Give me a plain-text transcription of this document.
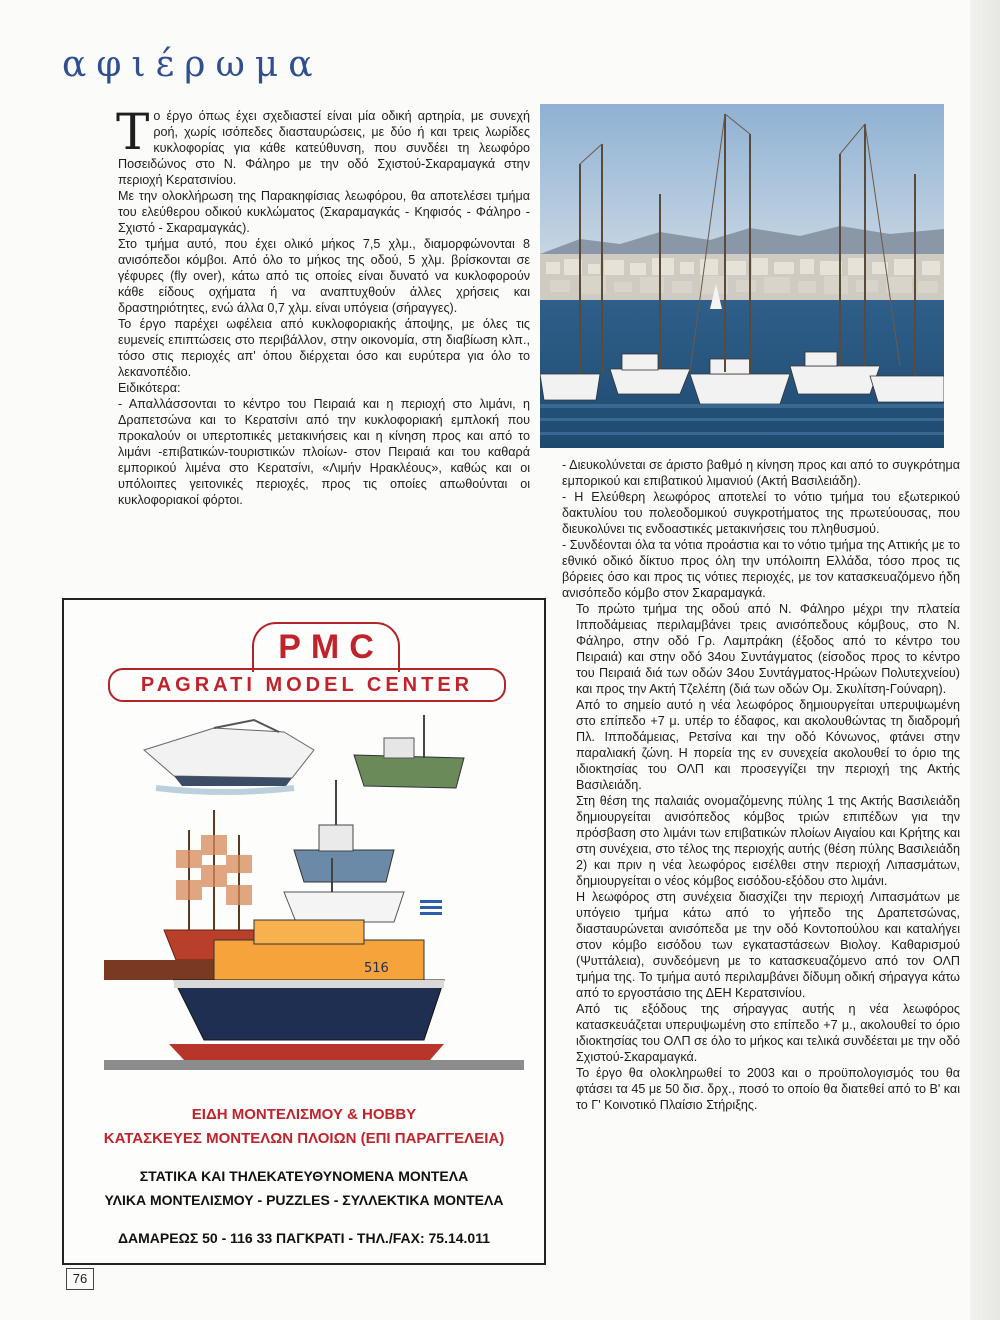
αφιέρωμα

Το έργο όπως έχει σχεδιαστεί είναι μία οδική αρτηρία, με συνεχή ροή, χωρίς ισόπεδες διασταυρώσεις, με δύο ή και τρεις λωρίδες κυκλοφορίας για κάθε κατεύθυνση, που συνδέει τη λεωφόρο Ποσειδώνος στο Ν. Φάληρο με την οδό Σχιστού-Σκαραμαγκά στην περιοχή Κερατσινίου.

Με την ολοκλήρωση της Παρακηφίσιας λεωφόρου, θα αποτελέσει τμήμα του ελεύθερου οδικού κυκλώματος (Σκαραμαγκάς - Κηφισός - Φάληρο - Σχιστό - Σκαραμαγκάς).

Στο τμήμα αυτό, που έχει ολικό μήκος 7,5 χλμ., διαμορφώνονται 8 ανισόπεδοι κόμβοι. Από όλο το μήκος της οδού, 5 χλμ. βρίσκονται σε γέφυρες (fly over), κάτω από τις οποίες είναι δυνατό να κυκλοφορούν κάθε είδους οχήματα ή να αναπτυχθούν άλλες χρήσεις και δραστηριότητες, ενώ άλλα 0,7 χλμ. είναι υπόγεια (σήραγγες).

Το έργο παρέχει ωφέλεια από κυκλοφοριακής άποψης, με όλες τις ευμενείς επιπτώσεις στο περιβάλλον, στην οικονομία, στη διαβίωση κλπ., τόσο στις περιοχές απ' όπου διέρχεται όσο και ευρύτερα για όλο το λεκανοπέδιο.

Ειδικότερα:

- Απαλλάσσονται το κέντρο του Πειραιά και η περιοχή στο λιμάνι, η Δραπετσώνα και το Κερατσίνι από την κυκλοφοριακή εμπλοκή που προκαλούν οι υπερτοπικές μετακινήσεις και η κίνηση προς και από το λιμάνι -επιβατικών-τουριστικών πλοίων- στον Πειραιά και του καθαρά εμπορικού λιμένα στο Κερατσίνι, «Λιμήν Ηρακλέους», καθώς και οι υπόλοιπες γειτονικές περιοχές, προς τις οποίες απωθούνται οι κυκλοφοριακοί φόρτοι.

- Διευκολύνεται σε άριστο βαθμό η κίνηση προς και από το συγκρότημα εμπορικού και επιβατικού λιμανιού (Ακτή Βασιλειάδη).

- Η Ελεύθερη λεωφόρος αποτελεί το νότιο τμήμα του εξωτερικού δακτυλίου του πολεοδομικού συγκροτήματος της πρωτεύουσας, που διευκολύνει τις ενδοαστικές μετακινήσεις του πληθυσμού.

- Συνδέονται όλα τα νότια προάστια και το νότιο τμήμα της Αττικής με το εθνικό οδικό δίκτυο προς όλη την υπόλοιπη Ελλάδα, τόσο προς τις βόρειες όσο και προς τις νότιες περιοχές, με τον κατασκευαζόμενο ήδη ανισόπεδο κόμβο στον Σκαραμαγκά.

Το πρώτο τμήμα της οδού από Ν. Φάληρο μέχρι την πλατεία Ιπποδάμειας περιλαμβάνει τρεις ανισόπεδους κόμβους, στο Ν. Φάληρο, στην οδό Γρ. Λαμπράκη (έξοδος από το κέντρο του Πειραιά) και στην οδό 34ου Συντάγματος (είσοδος προς το κέντρο του Πειραιά διά των οδών 34ου Συντάγματος-Ηρώων Πολυτεχνείου) και προς την Ακτή Τζελέπη (διά των οδών Ομ. Σκυλίτση-Γούναρη).

Από το σημείο αυτό η νέα λεωφόρος δημιουργείται υπερυψωμένη στο επίπεδο +7 μ. υπέρ το έδαφος, και ακολουθώντας τη διαδρομή Πλ. Ιπποδάμειας, Ρετσίνα και την οδό Κόνωνος, φτάνει στην παραλιακή ζώνη. Η πορεία της εν συνεχεία ακολουθεί το όριο της ιδιοκτησίας του ΟΛΠ και προσεγγίζει την περιοχή της Ακτής Βασιλειάδη.

Στη θέση της παλαιάς ονομαζόμενης πύλης 1 της Ακτής Βασιλειάδη δημιουργείται ανισόπεδος κόμβος τριών επιπέδων για την πρόσβαση στο λιμάνι των επιβατικών πλοίων Αιγαίου και Κρήτης και στη συνέχεια, στο τέλος της περιοχής αυτής (θέση πύλης Βασιλειάδη 2) και πριν η νέα λεωφόρος εισέλθει στην περιοχή Λιπασμάτων, δημιουργείται ο νέος κόμβος εισόδου-εξόδου στο λιμάνι.

Η λεωφόρος στη συνέχεια διασχίζει την περιοχή Λιπασμάτων με υπόγειο τμήμα κάτω από το γήπεδο της Δραπετσώνας, διασταυρώνεται ανισόπεδα με την οδό Κοντοπούλου και καταλήγει στον κόμβο εισόδου των εγκαταστάσεων Βιολογ. Καθαρισμού (Ψυττάλεια), συνδεόμενη με το κατασκευαζόμενο από τον ΟΛΠ τμήμα της. Το τμήμα αυτό περιλαμβάνει δίδυμη οδική σήραγγα κάτω από το εργοστάσιο της ΔΕΗ Κερατσινίου.

Από τις εξόδους της σήραγγας αυτής η νέα λεωφόρος κατασκευάζεται υπερυψωμένη στο επίπεδο +7 μ., ακολουθεί το όριο ιδιοκτησίας του ΟΛΠ σε όλο το μήκος και τελικά συνδέεται με την οδό Σχιστού-Σκαραμαγκά.

Το έργο θα ολοκληρωθεί το 2003 και ο προϋπολογισμός του θα φτάσει τα 45 με 50 δισ. δρχ., ποσό το οποίο θα διατεθεί από το Β' και το Γ' Κοινοτικό Πλαίσιο Στήριξης.

PMC
PAGRATI MODEL CENTER
516
ΕΙΔΗ ΜΟΝΤΕΛΙΣΜΟΥ & HOBBY
ΚΑΤΑΣΚΕΥΕΣ ΜΟΝΤΕΛΩΝ ΠΛΟΙΩΝ (ΕΠΙ ΠΑΡΑΓΓΕΛΕΙΑ)
ΣΤΑΤΙΚΑ ΚΑΙ ΤΗΛΕΚΑΤΕΥΘΥΝΟΜΕΝΑ ΜΟΝΤΕΛΑ
ΥΛΙΚΑ ΜΟΝΤΕΛΙΣΜΟΥ - PUZZLES - ΣΥΛΛΕΚΤΙΚΑ ΜΟΝΤΕΛΑ
ΔΑΜΑΡΕΩΣ 50 - 116 33 ΠΑΓΚΡΑΤΙ - ΤΗΛ./FAX: 75.14.011
76
